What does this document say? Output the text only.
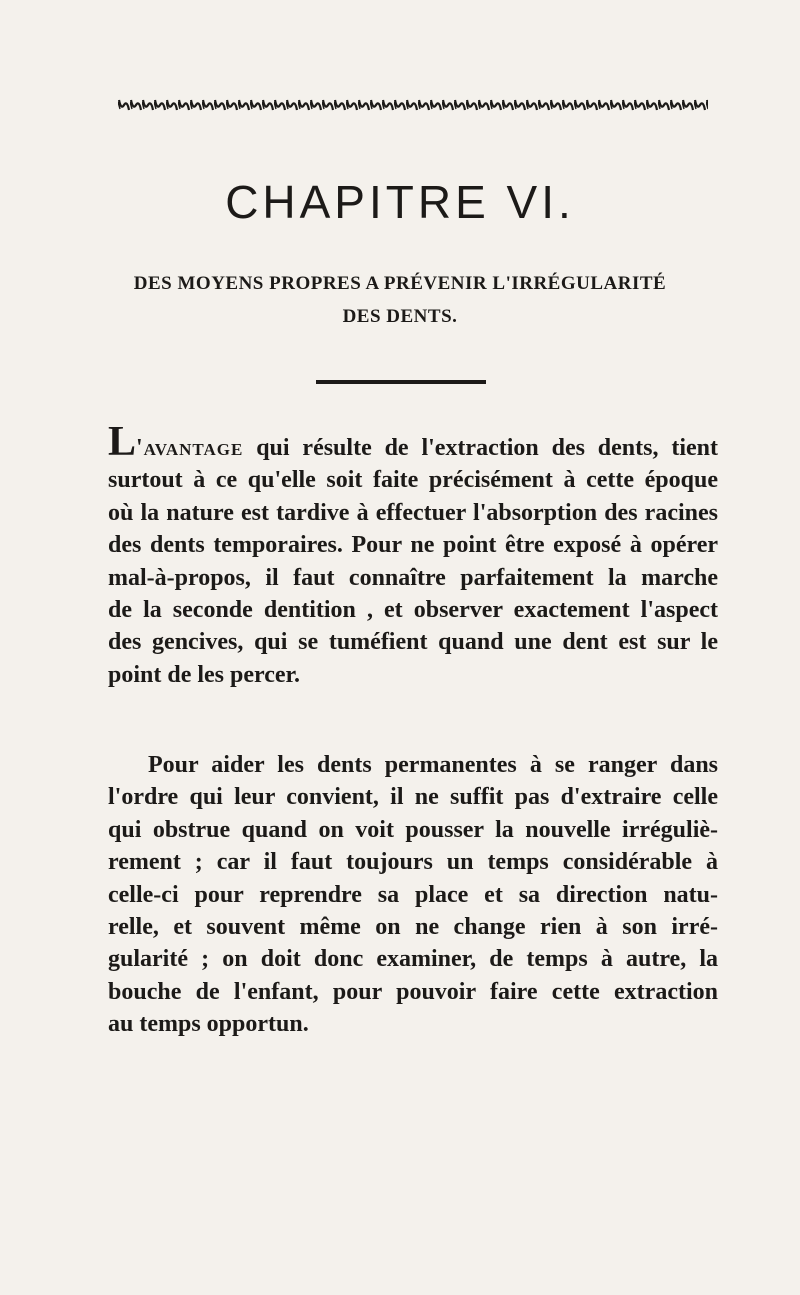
CHAPITRE VI.

DES MOYENS PROPRES A PRÉVENIR L'IRRÉGULARITÉ

DES DENTS.

L'avantage qui résulte de l'extraction des dents, tient
surtout à ce qu'elle soit faite précisément à cette époque
où la nature est tardive à effectuer l'absorption des racines
des dents temporaires. Pour ne point être exposé à opérer
mal-à-propos, il faut connaître parfaitement la marche
de la seconde dentition , et observer exactement l'aspect
des gencives, qui se tuméfient quand une dent est sur le
point de les percer.
Pour aider les dents permanentes à se ranger dans
l'ordre qui leur convient, il ne suffit pas d'extraire celle
qui obstrue quand on voit pousser la nouvelle irréguliè-
rement ; car il faut toujours un temps considérable à
celle-ci pour reprendre sa place et sa direction natu-
relle, et souvent même on ne change rien à son irré-
gularité ; on doit donc examiner, de temps à autre, la
bouche de l'enfant, pour pouvoir faire cette extraction
au temps opportun.
